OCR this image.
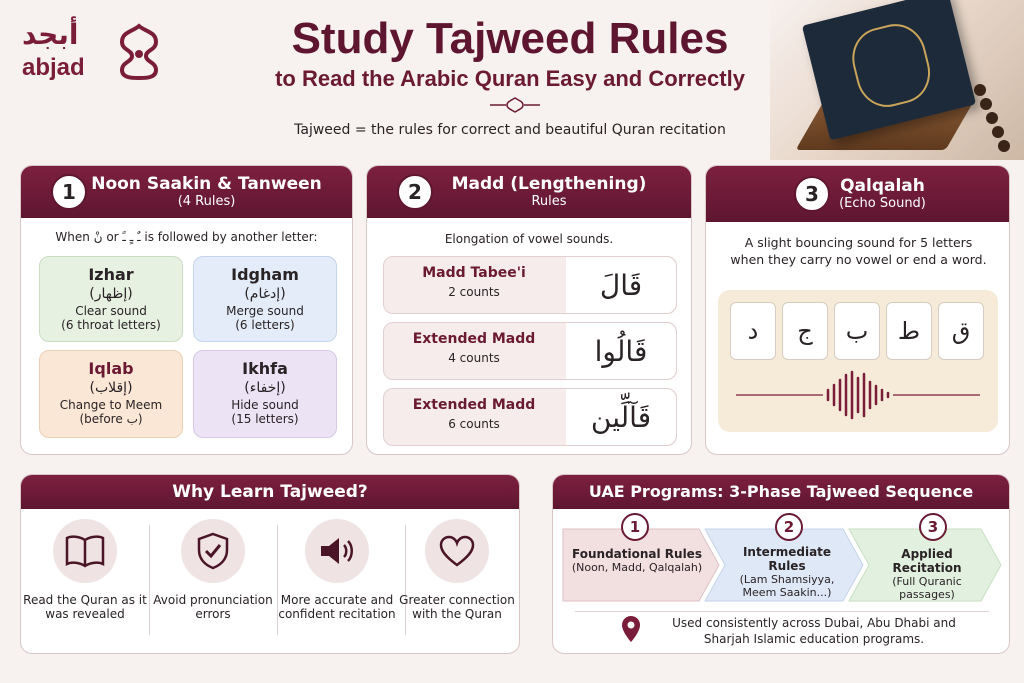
أبجد
abjad
Study Tajweed Rules
to Read the Arabic Quran Easy and Correctly
Tajweed = the rules for correct and beautiful Quran recitation
1 Noon Saakin & Tanween
(4 Rules)
When نْ or ـٌ ـٍ ـً is followed by another letter:
Izhar
(إظهار)
Clear sound
(6 throat letters)
Idgham
(إدغام)
Merge sound
(6 letters)
Iqlab
(إقلاب)
Change to Meem
(before ب)
Ikhfa
(إخفاء)
Hide sound
(15 letters)
2	Madd (Lengthening)
Rules
Elongation of vowel sounds.
Madd Tabee'i
2 counts	قَالَ
Extended Madd
4 counts	قَالُوا
Extended Madd
6 counts	قَآلِّين
3	Qalqalah
(Echo Sound)
A slight bouncing sound for 5 letters when they carry no vowel or end a word.
د	ج	ب	ط	ق
Why Learn Tajweed?
Read the Quran as it was revealed
Avoid pronunciation errors
More accurate and confident recitation
Greater connection with the Quran
UAE Programs: 3-Phase Tajweed Sequence
1	2	3
Foundational Rules
(Noon, Madd, Qalqalah)
Intermediate Rules
(Lam Shamsiyya, Meem Saakin...)
Applied Recitation
(Full Quranic passages)
Used consistently across Dubai, Abu Dhabi and Sharjah Islamic education programs.
